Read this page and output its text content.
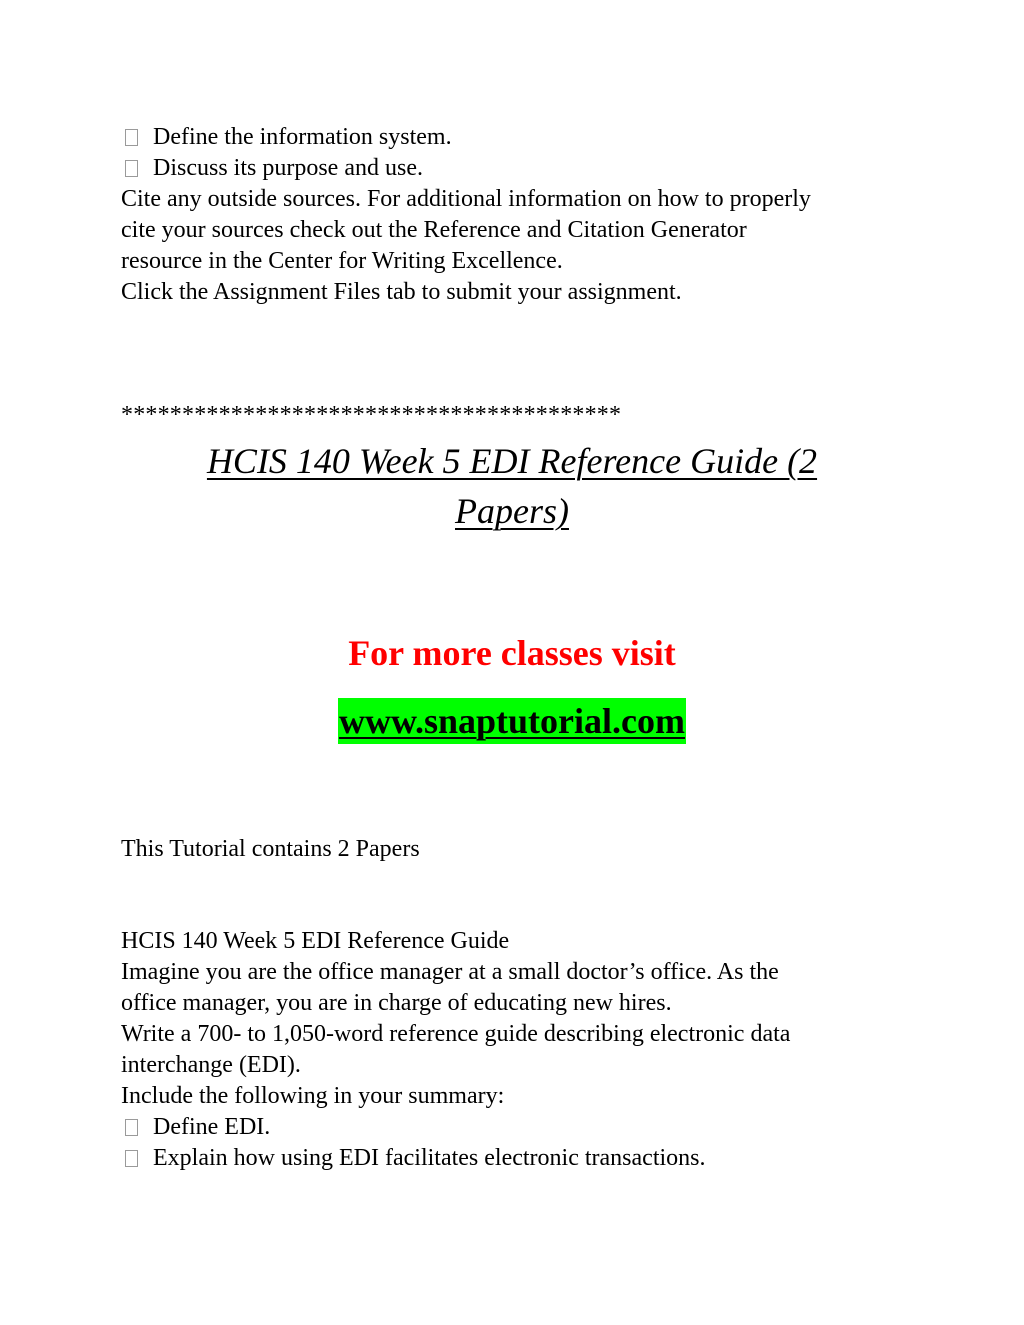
Define the information system.
Discuss its purpose and use.
Cite any outside sources. For additional information on how to properly
cite your sources check out the Reference and Citation Generator
resource in the Center for Writing Excellence.
Click the Assignment Files tab to submit your assignment.
*****************************************
HCIS 140 Week 5 EDI Reference Guide (2
Papers)
For more classes visit
www.snaptutorial.com
This Tutorial contains 2 Papers
HCIS 140 Week 5 EDI Reference Guide
Imagine you are the office manager at a small doctor’s office. As the
office manager, you are in charge of educating new hires.
Write a 700- to 1,050-word reference guide describing electronic data
interchange (EDI).
Include the following in your summary:
Define EDI.
Explain how using EDI facilitates electronic transactions.
